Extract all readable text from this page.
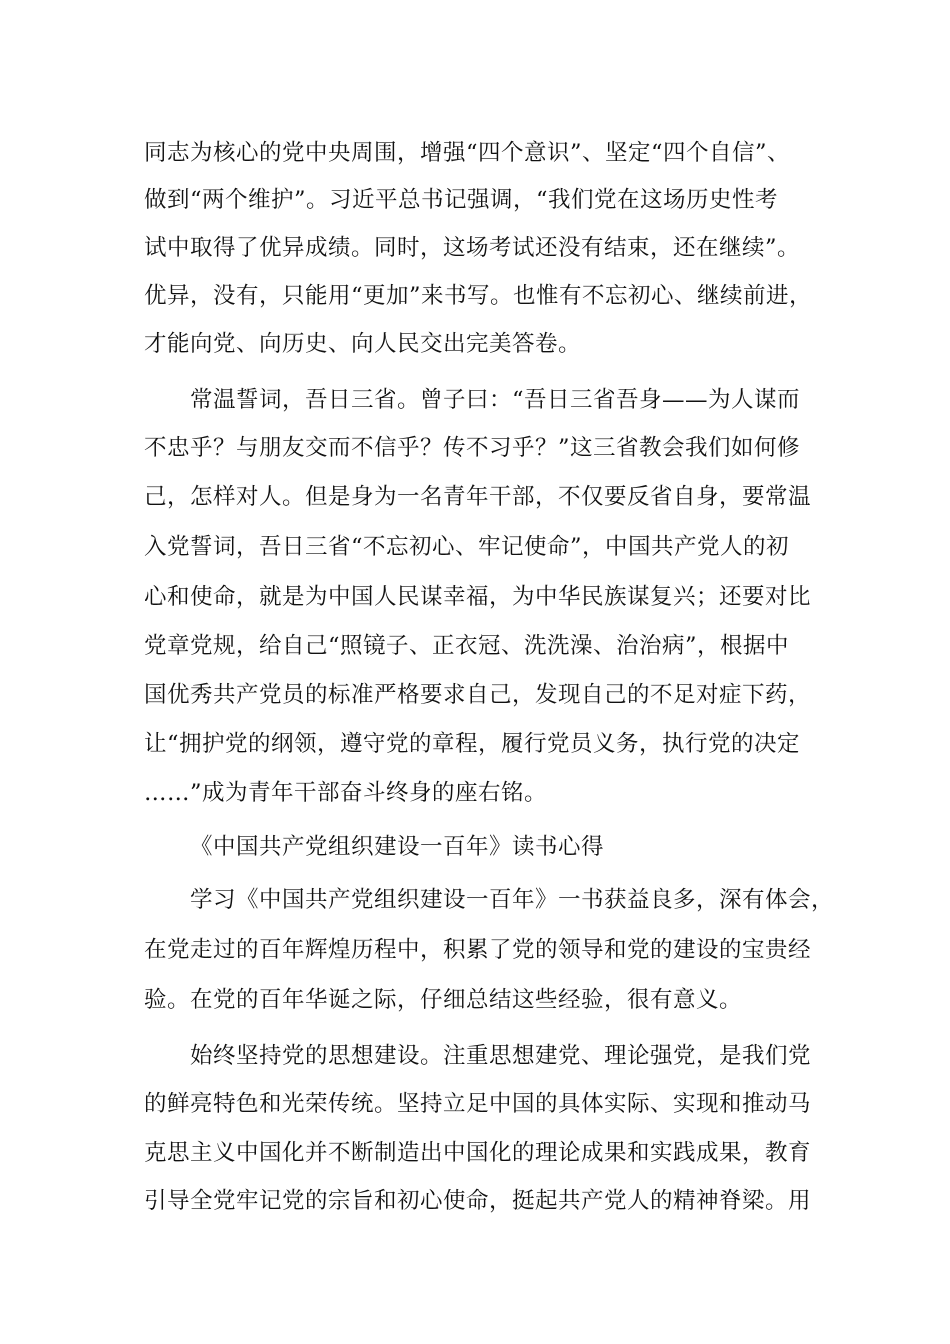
同志为核心的党中央周围，增强“四个意识”、坚定“四个自信”、
做到“两个维护”。习近平总书记强调，“我们党在这场历史性考
试中取得了优异成绩。同时，这场考试还没有结束，还在继续”。
优异，没有，只能用“更加”来书写。也惟有不忘初心、继续前进，
才能向党、向历史、向人民交出完美答卷。
常温誓词，吾日三省。曾子曰：“吾日三省吾身——为人谋而
不忠乎？与朋友交而不信乎？传不习乎？”这三省教会我们如何修
己，怎样对人。但是身为一名青年干部，不仅要反省自身，要常温
入党誓词，吾日三省“不忘初心、牢记使命”，中国共产党人的初
心和使命，就是为中国人民谋幸福，为中华民族谋复兴；还要对比
党章党规，给自己“照镜子、正衣冠、洗洗澡、治治病”，根据中
国优秀共产党员的标准严格要求自己，发现自己的不足对症下药，
让“拥护党的纲领，遵守党的章程，履行党员义务，执行党的决定
……”成为青年干部奋斗终身的座右铭。
《中国共产党组织建设一百年》读书心得
学习《中国共产党组织建设一百年》一书获益良多，深有体会，
在党走过的百年辉煌历程中，积累了党的领导和党的建设的宝贵经
验。在党的百年华诞之际，仔细总结这些经验，很有意义。
始终坚持党的思想建设。注重思想建党、理论强党，是我们党
的鲜亮特色和光荣传统。坚持立足中国的具体实际、实现和推动马
克思主义中国化并不断制造出中国化的理论成果和实践成果，教育
引导全党牢记党的宗旨和初心使命，挺起共产党人的精神脊梁。用
